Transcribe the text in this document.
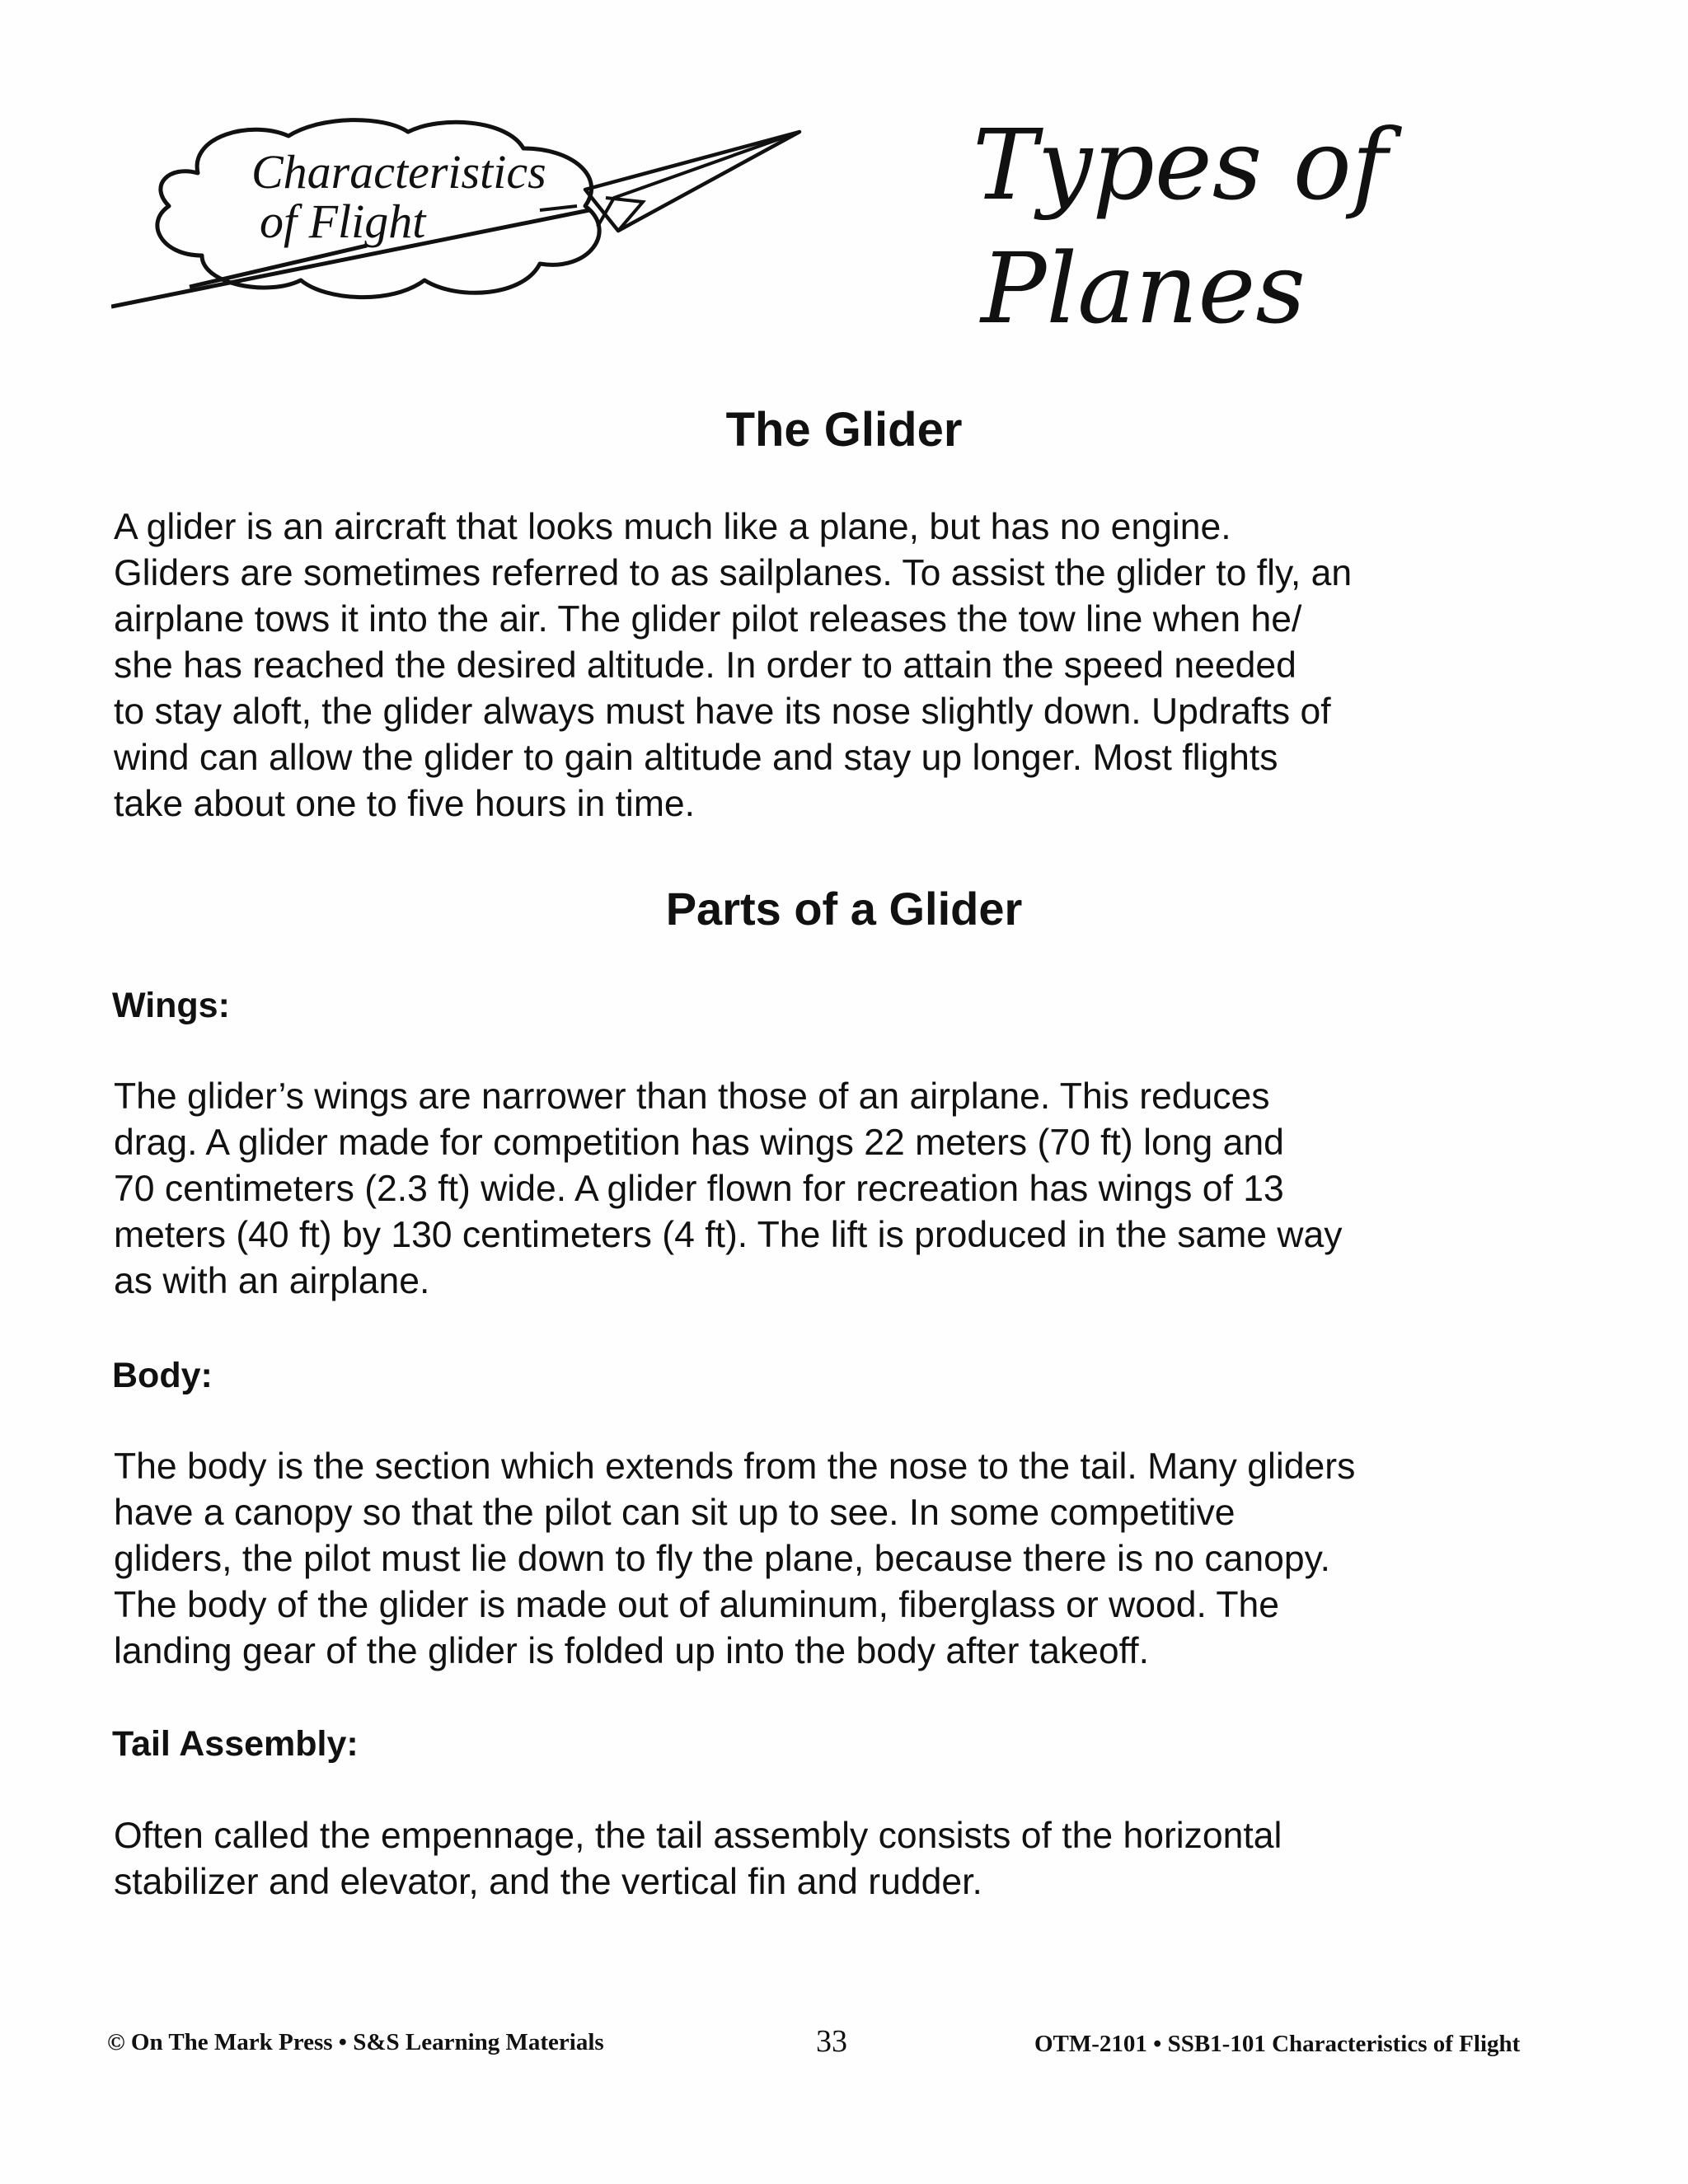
Characteristics
of Flight	Types of
Planes
The Glider
A glider is an aircraft that looks much like a plane, but has no engine.
Gliders are sometimes referred to as sailplanes. To assist the glider to fly, an
airplane tows it into the air. The glider pilot releases the tow line when he/
she has reached the desired altitude. In order to attain the speed needed
to stay aloft, the glider always must have its nose slightly down. Updrafts of
wind can allow the glider to gain altitude and stay up longer. Most flights
take about one to five hours in time.
Parts of a Glider
Wings:
The glider’s wings are narrower than those of an airplane. This reduces
drag. A glider made for competition has wings 22 meters (70 ft) long and
70 centimeters (2.3 ft) wide. A glider flown for recreation has wings of 13
meters (40 ft) by 130 centimeters (4 ft). The lift is produced in the same way
as with an airplane.
Body:
The body is the section which extends from the nose to the tail. Many gliders
have a canopy so that the pilot can sit up to see. In some competitive
gliders, the pilot must lie down to fly the plane, because there is no canopy.
The body of the glider is made out of aluminum, fiberglass or wood. The
landing gear of the glider is folded up into the body after takeoff.
Tail Assembly:
Often called the empennage, the tail assembly consists of the horizontal
stabilizer and elevator, and the vertical fin and rudder.
© On The Mark Press • S&S Learning Materials	33	OTM-2101 • SSB1-101 Characteristics of Flight
